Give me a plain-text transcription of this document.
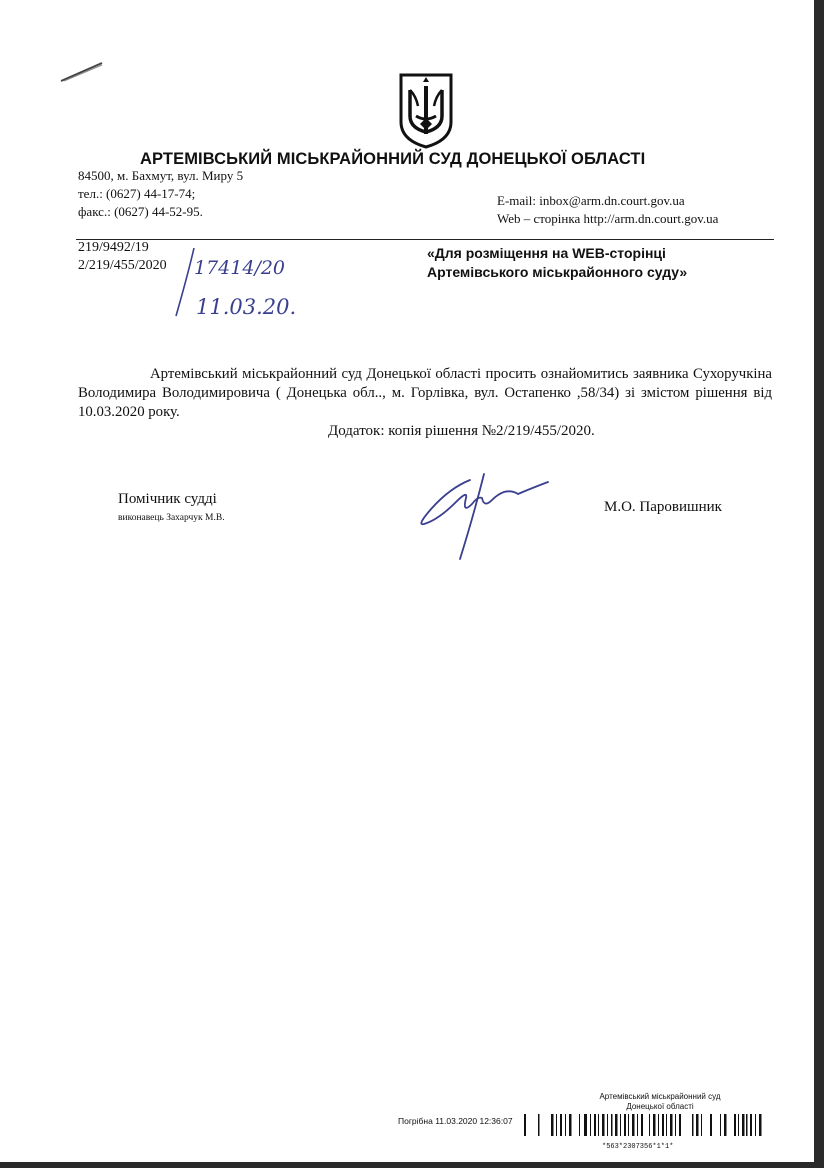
АРТЕМІВСЬКИЙ МІСЬКРАЙОННИЙ СУД ДОНЕЦЬКОЇ ОБЛАСТІ
84500, м. Бахмут, вул. Миру 5
тел.: (0627) 44-17-74;
факс.: (0627) 44-52-95.
E-mail: inbox@arm.dn.court.gov.ua
Web – сторінка http://arm.dn.court.gov.ua
219/9492/19
2/219/455/2020 17414/20
11.03.20.
«Для розміщення на WEB-сторінці
Артемівського міськрайонного суду»

Артемівський міськрайонний суд Донецької області просить ознайомитись заявника Сухоручкіна Володимира Володимировича ( Донецька обл.., м. Горлівка, вул. Остапенко ,58/34) зі змістом рішення від 10.03.2020 року.

Додаток: копія рішення №2/219/455/2020.
Помічник судді
виконавець Захарчук М.В.
М.О. Паровишник
Артемівський міськрайонний суд
Донецької області
Погрібна 11.03.2020 12:36:07
*563*2307356*1*1*
